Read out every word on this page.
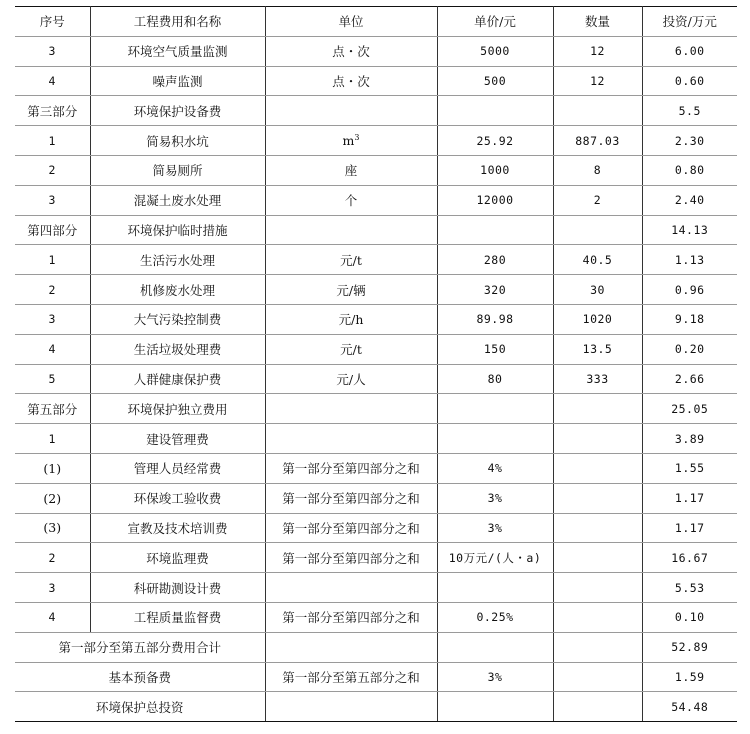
序号	工程费用和名称	单位	单价/元	数量	投资/万元
3	环境空气质量监测	点・次	5000	12	6.00
4	噪声监测	点・次	500	12	0.60
第三部分	环境保护设备费				5.5
1	简易积水坑	$m^3$	25.92	887.03	2.30
2	简易厕所	座	1000	8	0.80
3	混凝土废水处理	个	12000	2	2.40
第四部分	环境保护临时措施				14.13
1	生活污水处理	元/t	280	40.5	1.13
2	机修废水处理	元/辆	320	30	0.96
3	大气污染控制费	元/h	89.98	1020	9.18
4	生活垃圾处理费	元/t	150	13.5	0.20
5	人群健康保护费	元/人	80	333	2.66
第五部分	环境保护独立费用				25.05
1	建设管理费				3.89
(1)	管理人员经常费	第一部分至第四部分之和	4%		1.55
(2)	环保竣工验收费	第一部分至第四部分之和	3%		1.17
(3)	宣教及技术培训费	第一部分至第四部分之和	3%		1.17
2	环境监理费	第一部分至第四部分之和	10万元/(人・a)		16.67
3	科研勘测设计费				5.53
4	工程质量监督费	第一部分至第四部分之和	0.25%		0.10
第一部分至第五部分费用合计					52.89
基本预备费		第一部分至第五部分之和	3%		1.59
环境保护总投资					54.48
